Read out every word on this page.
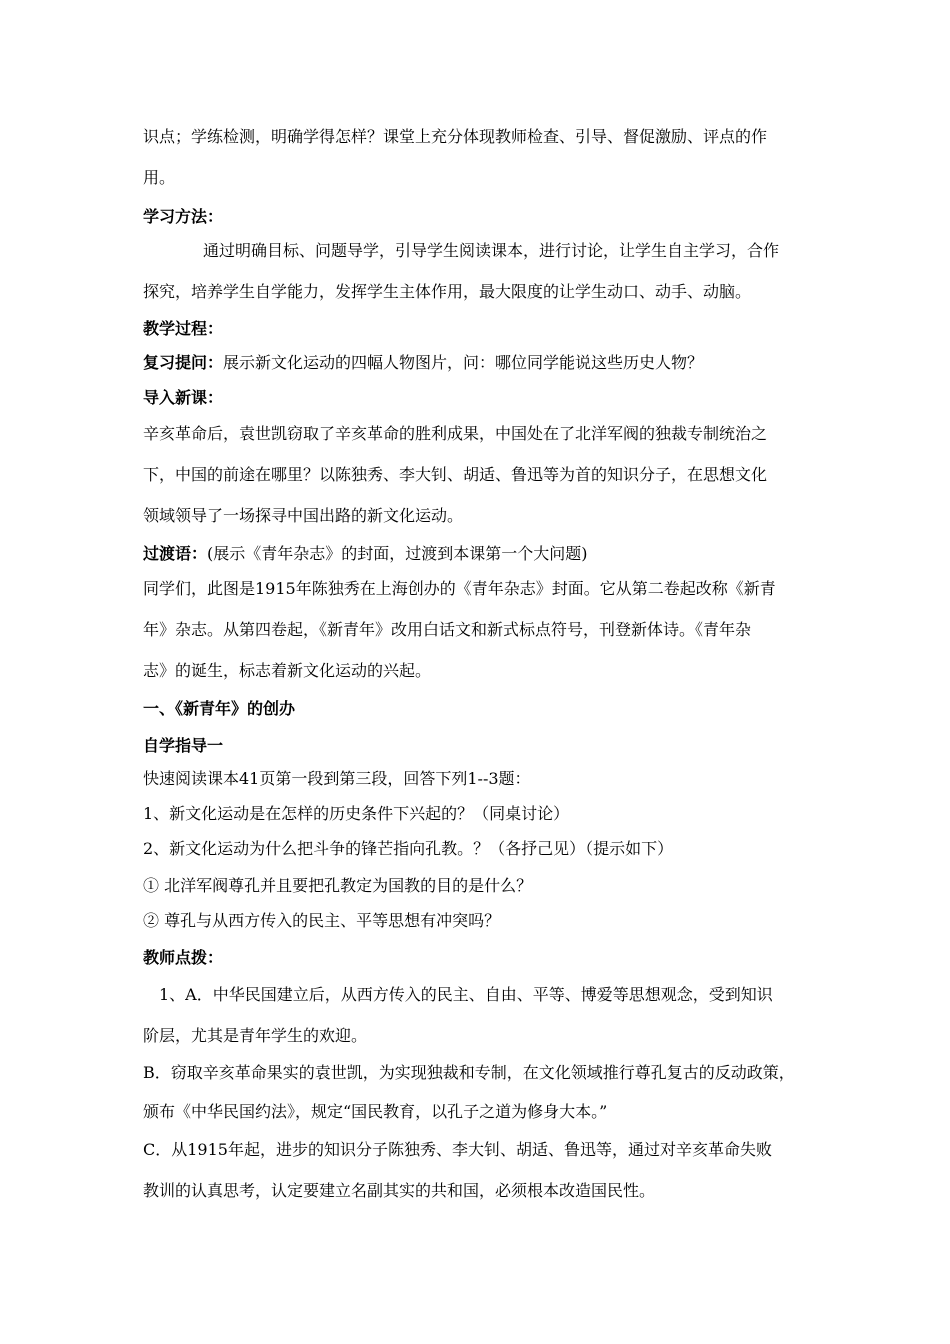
识点；学练检测，明确学得怎样？课堂上充分体现教师检查、引导、督促激励、评点的作
用。
学习方法：
通过明确目标、问题导学，引导学生阅读课本，进行讨论，让学生自主学习，合作
探究，培养学生自学能力，发挥学生主体作用，最大限度的让学生动口、动手、动脑。
教学过程：
复习提问：展示新文化运动的四幅人物图片，问：哪位同学能说这些历史人物？
导入新课：
辛亥革命后，袁世凯窃取了辛亥革命的胜利成果，中国处在了北洋军阀的独裁专制统治之
下，中国的前途在哪里？以陈独秀、李大钊、胡适、鲁迅等为首的知识分子，在思想文化
领域领导了一场探寻中国出路的新文化运动。
过渡语：(展示《青年杂志》的封面，过渡到本课第一个大问题)
同学们，此图是1915年陈独秀在上海创办的《青年杂志》封面。它从第二卷起改称《新青
年》杂志。从第四卷起，《新青年》改用白话文和新式标点符号，刊登新体诗。《青年杂
志》的诞生，标志着新文化运动的兴起。
一、《新青年》的创办
自学指导一
快速阅读课本41页第一段到第三段，回答下列1--3题：
1、新文化运动是在怎样的历史条件下兴起的？（同桌讨论）
2、新文化运动为什么把斗争的锋芒指向孔教。？（各抒己见）（提示如下）
① 北洋军阀尊孔并且要把孔教定为国教的目的是什么？
② 尊孔与从西方传入的民主、平等思想有冲突吗？
教师点拨：
1、A．中华民国建立后，从西方传入的民主、自由、平等、博爱等思想观念，受到知识
阶层，尤其是青年学生的欢迎。
B．窃取辛亥革命果实的袁世凯，为实现独裁和专制，在文化领域推行尊孔复古的反动政策，
颁布《中华民国约法》，规定“国民教育，以孔子之道为修身大本。”
C．从1915年起，进步的知识分子陈独秀、李大钊、胡适、鲁迅等，通过对辛亥革命失败
教训的认真思考，认定要建立名副其实的共和国，必须根本改造国民性。
